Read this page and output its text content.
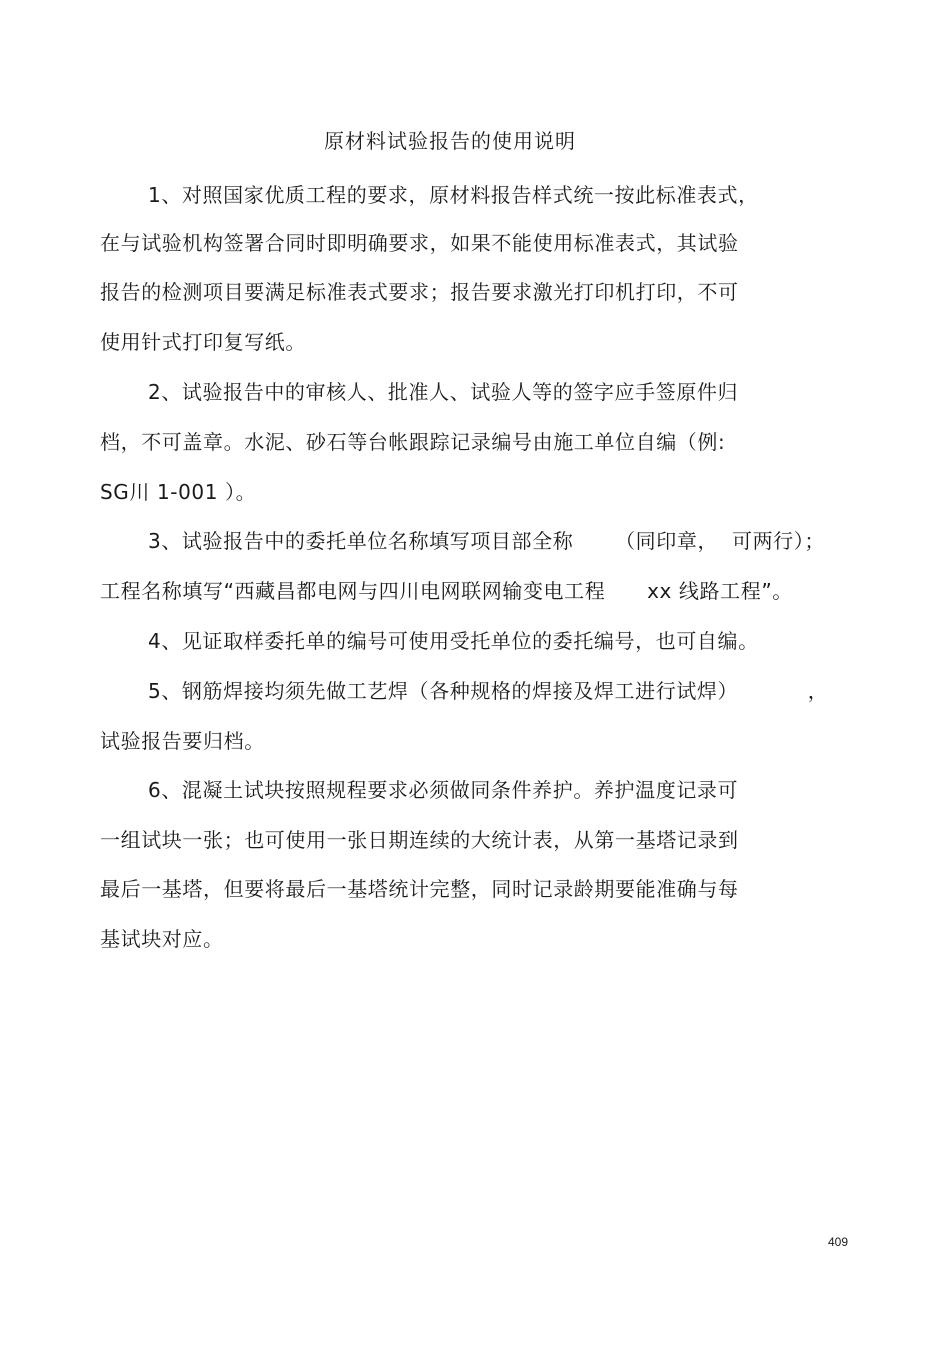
原材料试验报告的使用说明
1、对照国家优质工程的要求，原材料报告样式统一按此标准表式，
在与试验机构签署合同时即明确要求，如果不能使用标准表式，其试验
报告的检测项目要满足标准表式要求；报告要求激光打印机打印，不可
使用针式打印复写纸。
2、试验报告中的审核人、批准人、试验人等的签字应手签原件归
档，不可盖章。水泥、砂石等台帐跟踪记录编号由施工单位自编（例:
SG川 1-001 ）。
3、试验报告中的委托单位名称填写项目部全称      （同印章，  可两行）；
工程名称填写“西藏昌都电网与四川电网联网输变电工程      xx 线路工程”。
4、见证取样委托单的编号可使用受托单位的委托编号，也可自编。
5、钢筋焊接均须先做工艺焊（各种规格的焊接及焊工进行试焊）          ，
试验报告要归档。
6、混凝土试块按照规程要求必须做同条件养护。养护温度记录可
一组试块一张；也可使用一张日期连续的大统计表，从第一基塔记录到
最后一基塔，但要将最后一基塔统计完整，同时记录龄期要能准确与每
基试块对应。
409
